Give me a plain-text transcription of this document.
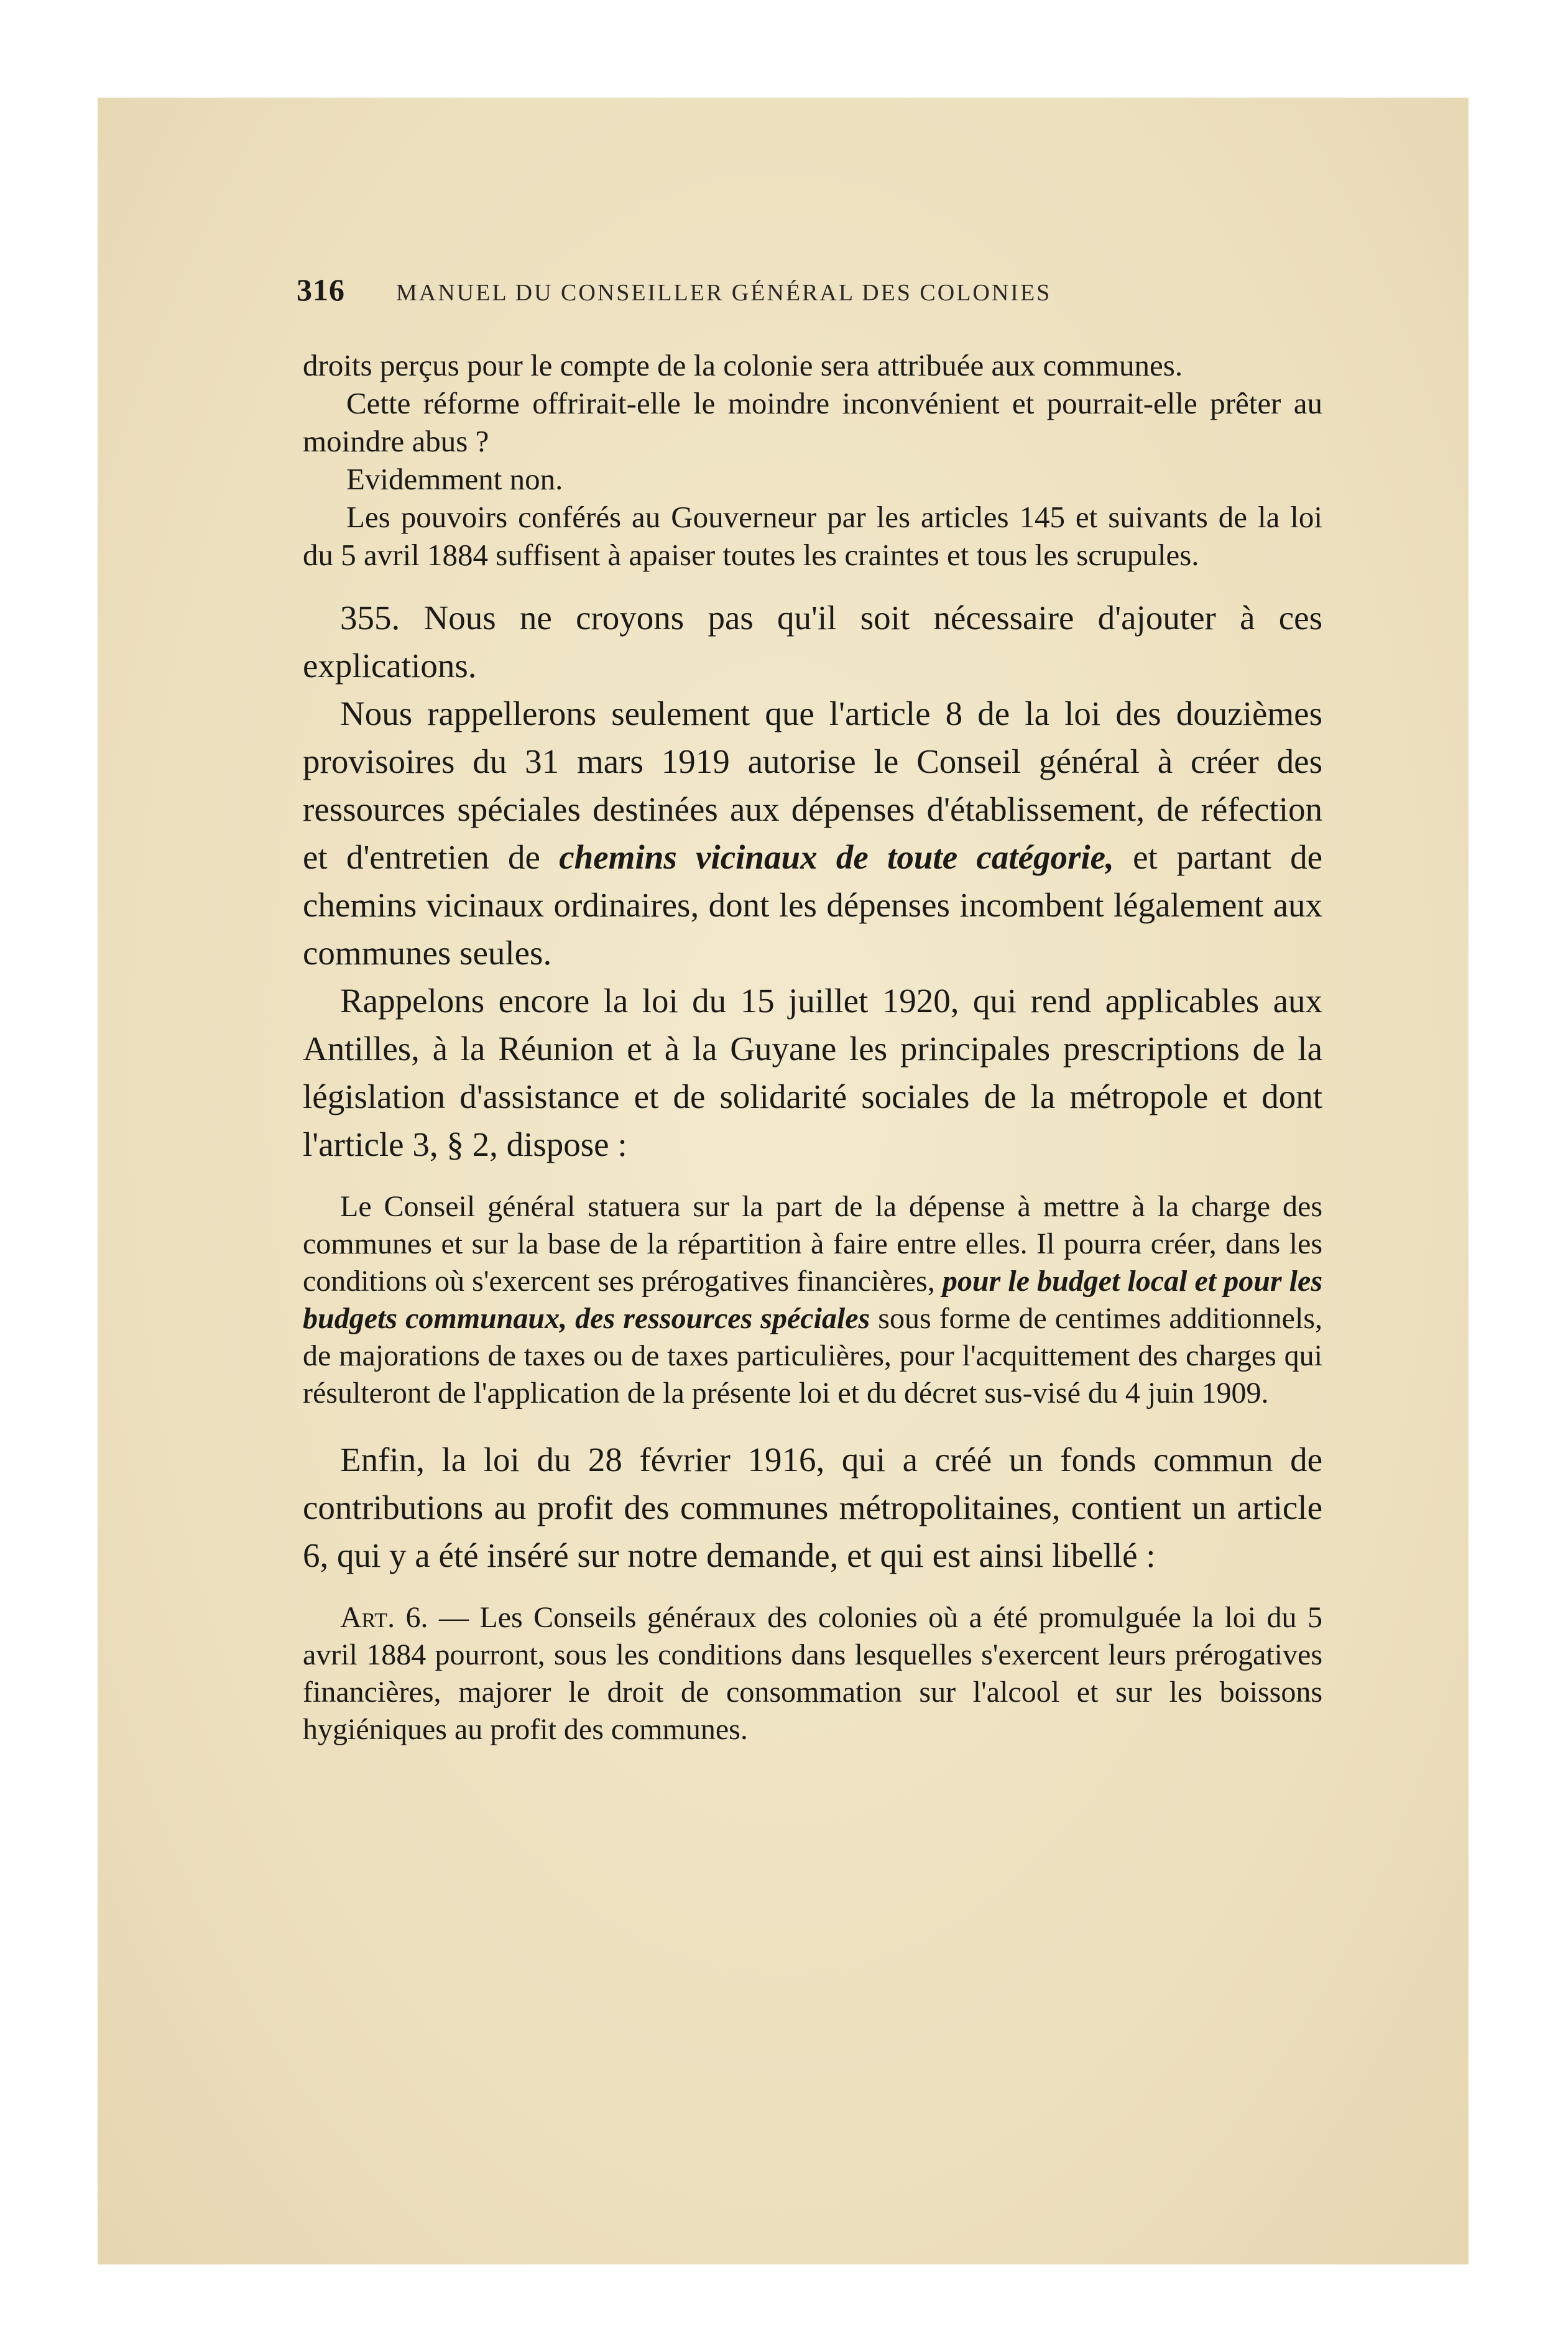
316	MANUEL DU CONSEILLER GÉNÉRAL DES COLONIES

droits perçus pour le compte de la colonie sera attribuée aux communes.

Cette réforme offrirait-elle le moindre inconvénient et pourrait-elle prêter au moindre abus ?

Evidemment non.

Les pouvoirs conférés au Gouverneur par les articles 145 et suivants de la loi du 5 avril 1884 suffisent à apaiser toutes les craintes et tous les scrupules.

355. Nous ne croyons pas qu'il soit nécessaire d'ajouter à ces explications.

Nous rappellerons seulement que l'article 8 de la loi des douzièmes provisoires du 31 mars 1919 autorise le Conseil général à créer des ressources spéciales destinées aux dépenses d'établissement, de réfection et d'entretien de chemins vicinaux de toute catégorie, et partant de chemins vicinaux ordinaires, dont les dépenses incombent légalement aux communes seules.

Rappelons encore la loi du 15 juillet 1920, qui rend applicables aux Antilles, à la Réunion et à la Guyane les principales prescriptions de la législation d'assistance et de solidarité sociales de la métropole et dont l'article 3, § 2, dispose :

Le Conseil général statuera sur la part de la dépense à mettre à la charge des communes et sur la base de la répartition à faire entre elles. Il pourra créer, dans les conditions où s'exercent ses prérogatives financières, pour le budget local et pour les budgets communaux, des ressources spéciales sous forme de centimes additionnels, de majorations de taxes ou de taxes particulières, pour l'acquittement des charges qui résulteront de l'application de la présente loi et du décret sus-visé du 4 juin 1909.

Enfin, la loi du 28 février 1916, qui a créé un fonds commun de contributions au profit des communes métropolitaines, contient un article 6, qui y a été inséré sur notre demande, et qui est ainsi libellé :

Art. 6. — Les Conseils généraux des colonies où a été promulguée la loi du 5 avril 1884 pourront, sous les conditions dans lesquelles s'exercent leurs prérogatives financières, majorer le droit de consommation sur l'alcool et sur les boissons hygiéniques au profit des communes.
